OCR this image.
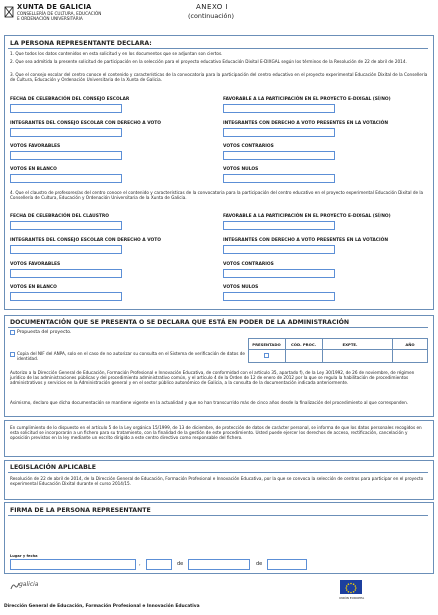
XUNTA DE GALICIA
CONSELLERÍA DE CULTURA, EDUCACIÓN
E ORDENACIÓN UNIVERSITARIA
ANEXO I
(continuación)
LA PERSONA REPRESENTANTE DECLARA:
1. Que todos los datos contenidos en esta solicitud y en los documentos que se adjuntan son ciertos.
2. Que sea admitida la presente solicitud de participación en la selección para el proyecto educativo Educación Dixital E-DIXGAL según los términos de la Resolución de 22 de abril de 2014.
3. Que el consejo escolar del centro conoce el contenido y características de la convocatoria para la participación del centro educativo en el proyecto experimental Educación Dixital de la Consellería de Cultura, Educación y Ordenación Universitaria de la Xunta de Galicia.
FECHA DE CELEBRACIÓN DEL CONSEJO ESCOLAR	FAVORABLE A LA PARTICIPACIÓN EN EL PROYECTO E-DIXGAL (SÍ/NO)
INTEGRANTES DEL CONSEJO ESCOLAR CON DERECHO A VOTO	INTEGRANTES CON DERECHO A VOTO PRESENTES EN LA VOTACIÓN
VOTOS FAVORABLES	VOTOS CONTRARIOS
VOTOS EN BLANCO	VOTOS NULOS
4. Que el claustro de profesores/as del centro conoce el contenido y características de la convocatoria para la participación del centro educativo en el proyecto experimental Educación Dixital de la Consellería de Cultura, Educación y Ordenación Universitaria de la Xunta de Galicia.
FECHA DE CELEBRACIÓN DEL CLAUSTRO	FAVORABLE A LA PARTICIPACIÓN EN EL PROYECTO E-DIXGAL (SÍ/NO)
INTEGRANTES DEL CONSEJO ESCOLAR CON DERECHO A VOTO	INTEGRANTES CON DERECHO A VOTO PRESENTES EN LA VOTACIÓN
VOTOS FAVORABLES	VOTOS CONTRARIOS
VOTOS EN BLANCO	VOTOS NULOS
DOCUMENTACIÓN QUE SE PRESENTA O SE DECLARA QUE ESTÁ EN PODER DE LA ADMINISTRACIÓN
Propuesta del proyecto.
PRESENTADO	CÓD. PROC.	EXPTE.	AÑO
Copia del NIF del ANPA, solo en el caso de no autorizar su consulta en el Sistema de verificación de datos de identidad.
Autorizo a la Dirección General de Educación, Formación Profesional e Innovación Educativa, de conformidad con el artículo 35, apartado f), de la Ley 30/1992, de 26 de noviembre, de régimen jurídico de las administraciones públicas y del procedimiento administrativo común, y el artículo 4 de la Orden de 12 de enero de 2012 por la que se regula la habilitación de procedimientos administrativos y servicios en la Administración general y en el sector público autonómico de Galicia, a la consulta de la documentación indicada anteriormente.
Asimismo, declaro que dicha documentación se mantiene vigente en la actualidad y que no han transcurrido más de cinco años desde la finalización del procedimiento al que corresponden.
En cumplimiento de lo dispuesto en el artículo 5 de la Ley orgánica 15/1999, de 13 de diciembre, de protección de datos de carácter personal, se informa de que los datos personales recogidos en esta solicitud se incorporarán a un fichero para su tratamiento, con la finalidad de la gestión de este procedimiento. Usted puede ejercer los derechos de acceso, rectificación, cancelación y oposición previstos en la ley mediante un escrito dirigido a este centro directivo como responsable del fichero.
LEGISLACIÓN APLICABLE
Resolución de 22 de abril de 2014, de la Dirección General de Educación, Formación Profesional e Innovación Educativa, por la que se convoca la selección de centros para participar en el proyecto experimental Educación Dixital durante el curso 2014/15.
FIRMA DE LA PERSONA REPRESENTANTE
Lugar y fecha
,	de	de
galicia
UNIÓN EUROPEA
Dirección General de Educación, Formación Profesional e Innovación Educativa
